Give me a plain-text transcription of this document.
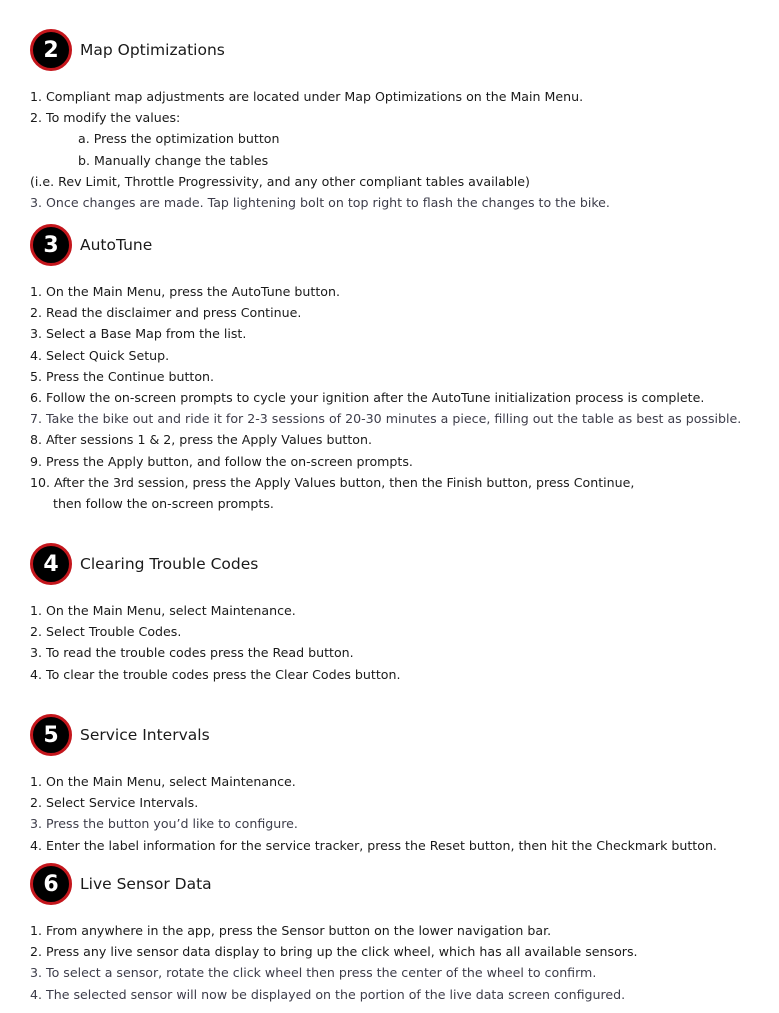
2	Map Optimizations
1. Compliant map adjustments are located under Map Optimizations on the Main Menu.
2. To modify the values:
a. Press the optimization button
b. Manually change the tables
(i.e. Rev Limit, Throttle Progressivity, and any other compliant tables available)
3. Once changes are made. Tap lightening bolt on top right to flash the changes to the bike.
3	AutoTune
1. On the Main Menu, press the AutoTune button.
2. Read the disclaimer and press Continue.
3. Select a Base Map from the list.
4. Select Quick Setup.
5. Press the Continue button.
6. Follow the on-screen prompts to cycle your ignition after the AutoTune initialization process is complete.
7. Take the bike out and ride it for 2-3 sessions of 20-30 minutes a piece, filling out the table as best as possible.
8. After sessions 1 & 2, press the Apply Values button.
9. Press the Apply button, and follow the on-screen prompts.
10. After the 3rd session, press the Apply Values button, then the Finish button, press Continue,
then follow the on-screen prompts.
4	Clearing Trouble Codes
1. On the Main Menu, select Maintenance.
2. Select Trouble Codes.
3. To read the trouble codes press the Read button.
4. To clear the trouble codes press the Clear Codes button.
5	Service Intervals
1. On the Main Menu, select Maintenance.
2. Select Service Intervals.
3. Press the button you’d like to configure.
4. Enter the label information for the service tracker, press the Reset button, then hit the Checkmark button.
6	Live Sensor Data
1. From anywhere in the app, press the Sensor button on the lower navigation bar.
2. Press any live sensor data display to bring up the click wheel, which has all available sensors.
3. To select a sensor, rotate the click wheel then press the center of the wheel to confirm.
4. The selected sensor will now be displayed on the portion of the live data screen configured.
